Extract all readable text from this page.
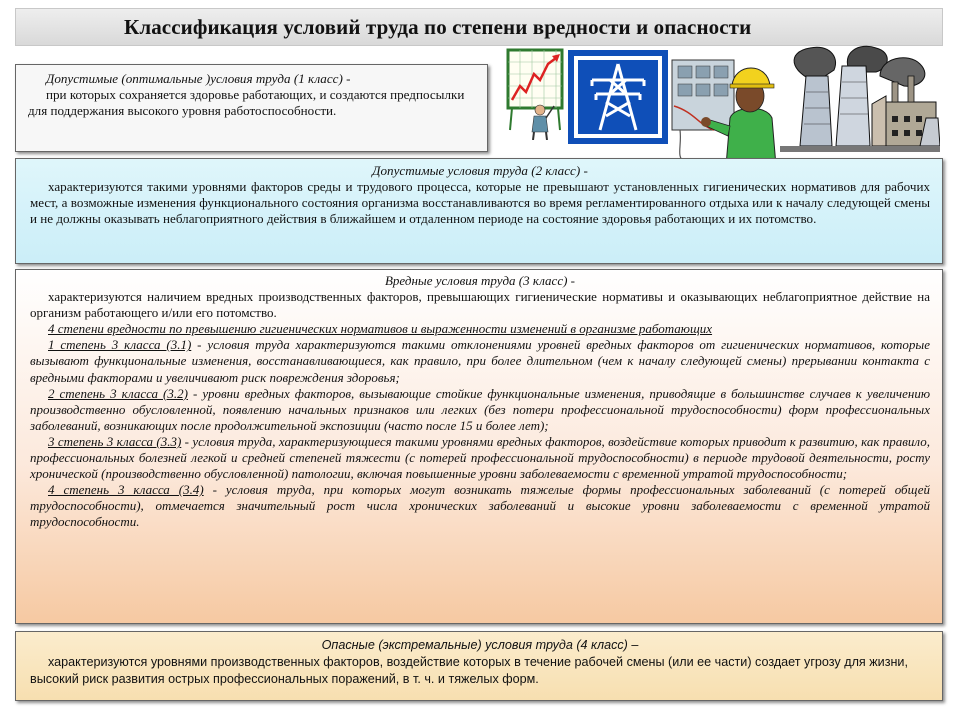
Классификация условий труда по степени вредности и опасности

Допустимые (оптимальные )условия труда (1 класс) -

при которых сохраняется здоровье работающих, и создаются предпосылки для поддержания высокого уровня работоспособности.

Допустимые условия труда (2 класс) -

характеризуются такими уровнями факторов среды и трудового процесса, которые не превышают установленных гигиенических нормативов для рабочих мест, а возможные изменения функционального состояния организма восстанавливаются во время регламентированного отдыха или к началу следующей смены и не должны оказывать неблагоприятного действия в ближайшем и отдаленном периоде на состояние здоровья работающих и их потомство.

Вредные условия труда (3 класс) -

характеризуются наличием вредных производственных факторов, превышающих гигиенические нормативы и оказывающих неблагоприятное действие на организм работающего и/или его потомство.

4 степени вредности по превышению гигиенических нормативов и выраженности изменений в организме работающих

1 степень 3 класса (3.1) - условия труда характеризуются такими отклонениями уровней вредных факторов от гигиенических нормативов, которые вызывают функциональные изменения, восстанавливающиеся, как правило, при более длительном (чем к началу следующей смены) прерывании контакта с вредными факторами и увеличивают риск повреждения здоровья;

2 степень 3 класса (3.2) - уровни вредных факторов, вызывающие стойкие функциональные изменения, приводящие в большинстве случаев к увеличению производственно обусловленной, появлению начальных признаков или легких (без потери профессиональной трудоспособности) форм профессиональных заболеваний, возникающих после продолжительной экспозиции (часто после 15 и более лет);

3 степень 3 класса (3.3) - условия труда, характеризующиеся такими уровнями вредных факторов, воздействие которых приводит к развитию, как правило, профессиональных болезней легкой и средней степеней тяжести (с потерей профессиональной трудоспособности) в периоде трудовой деятельности, росту хронической (производственно обусловленной) патологии, включая повышенные уровни заболеваемости с временной утратой трудоспособности;

4 степень 3 класса (3.4) - условия труда, при которых могут возникать тяжелые формы профессиональных заболеваний (с потерей общей трудоспособности), отмечается значительный рост числа хронических заболеваний и высокие уровни заболеваемости с временной утратой трудоспособности.

Опасные (экстремальные) условия труда (4 класс) –

характеризуются уровнями производственных факторов, воздействие которых в течение рабочей смены (или ее части) создает угрозу для жизни, высокий риск развития острых профессиональных поражений, в т. ч. и тяжелых форм.
